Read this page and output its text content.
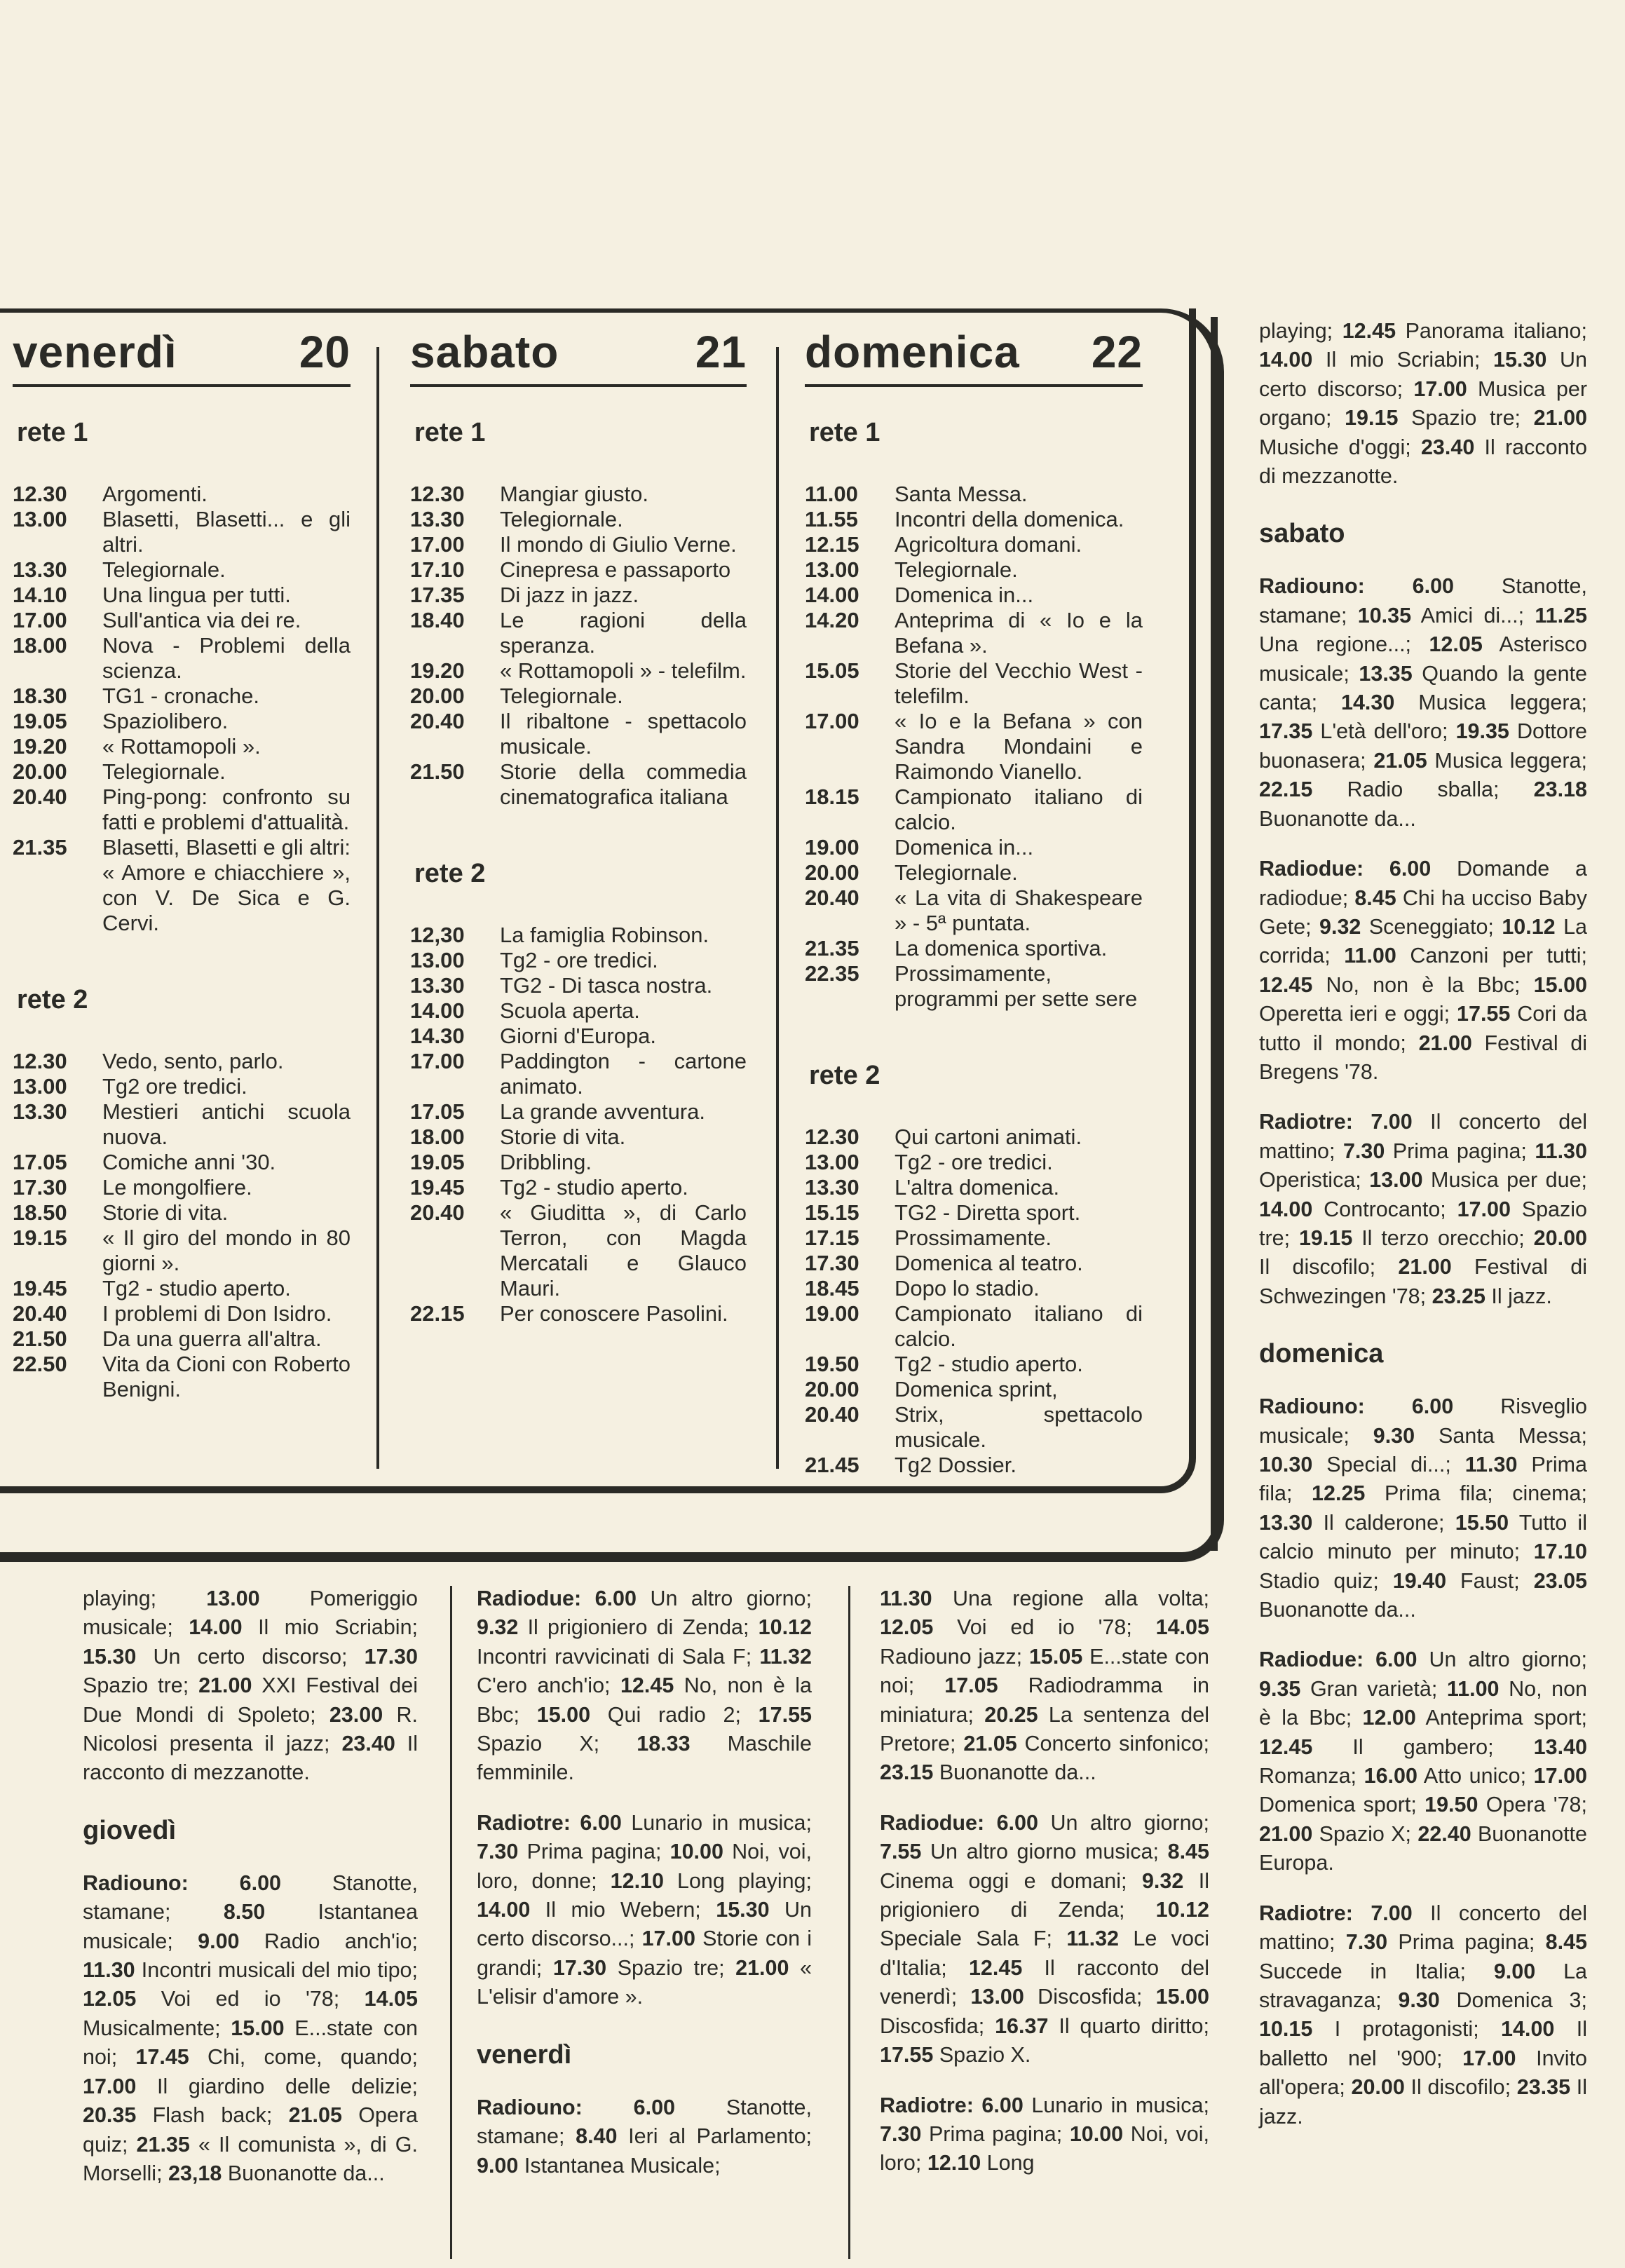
venerdì	20
rete 1
12.30	Argomenti.
13.00	Blasetti, Blasetti... e gli altri.
13.30	Telegiornale.
14.10	Una lingua per tutti.
17.00	Sull'antica via dei re.
18.00	Nova - Problemi della scienza.
18.30	TG1 - cronache.
19.05	Spaziolibero.
19.20	« Rottamopoli ».
20.00	Telegiornale.
20.40	Ping-pong: confronto su fatti e problemi d'attualità.
21.35	Blasetti, Blasetti e gli altri: « Amore e chiacchiere », con V. De Sica e G. Cervi.
rete 2
12.30	Vedo, sento, parlo.
13.00	Tg2 ore tredici.
13.30	Mestieri antichi scuola nuova.
17.05	Comiche anni '30.
17.30	Le mongolfiere.
18.50	Storie di vita.
19.15	« Il giro del mondo in 80 giorni ».
19.45	Tg2 - studio aperto.
20.40	I problemi di Don Isidro.
21.50	Da una guerra all'altra.
22.50	Vita da Cioni con Roberto Benigni.
sabato	21
rete 1
12.30	Mangiar giusto.
13.30	Telegiornale.
17.00	Il mondo di Giulio Verne.
17.10	Cinepresa e passaporto
17.35	Di jazz in jazz.
18.40	Le ragioni della speranza.
19.20	« Rottamopoli » - telefilm.
20.00	Telegiornale.
20.40	Il ribaltone - spettacolo musicale.
21.50	Storie della commedia cinematografica italiana
rete 2
12,30	La famiglia Robinson.
13.00	Tg2 - ore tredici.
13.30	TG2 - Di tasca nostra.
14.00	Scuola aperta.
14.30	Giorni d'Europa.
17.00	Paddington - cartone animato.
17.05	La grande avventura.
18.00	Storie di vita.
19.05	Dribbling.
19.45	Tg2 - studio aperto.
20.40	« Giuditta », di Carlo Terron, con Magda Mercatali e Glauco Mauri.
22.15	Per conoscere Pasolini.
domenica 22
rete 1
11.00	Santa Messa.
11.55	Incontri della domenica.
12.15	Agricoltura domani.
13.00	Telegiornale.
14.00	Domenica in...
14.20	Anteprima di « Io e la Befana ».
15.05	Storie del Vecchio West - telefilm.
17.00	« Io e la Befana » con Sandra Mondaini e Raimondo Vianello.
18.15	Campionato italiano di calcio.
19.00	Domenica in...
20.00	Telegiornale.
20.40	« La vita di Shakespeare » - 5ª puntata.
21.35	La domenica sportiva.
22.35	Prossimamente, programmi per sette sere
rete 2
12.30	Qui cartoni animati.
13.00	Tg2 - ore tredici.
13.30	L'altra domenica.
15.15	TG2 - Diretta sport.
17.15	Prossimamente.
17.30	Domenica al teatro.
18.45	Dopo lo stadio.
19.00	Campionato italiano di calcio.
19.50	Tg2 - studio aperto.
20.00	Domenica sprint,
20.40	Strix, spettacolo musicale.
21.45	Tg2 Dossier.

playing; 12.45 Panorama italiano; 14.00 Il mio Scriabin; 15.30 Un certo discorso; 17.00 Musica per organo; 19.15 Spazio tre; 21.00 Musiche d'oggi; 23.40 Il racconto di mezzanotte.

sabato

Radiouno: 6.00 Stanotte, stamane; 10.35 Amici di...; 11.25 Una regione...; 12.05 Asterisco musicale; 13.35 Quando la gente canta; 14.30 Musica leggera; 17.35 L'età dell'oro; 19.35 Dottore buonasera; 21.05 Musica leggera; 22.15 Radio sballa; 23.18 Buonanotte da...

Radiodue: 6.00 Domande a radiodue; 8.45 Chi ha ucciso Baby Gete; 9.32 Sceneggiato; 10.12 La corrida; 11.00 Canzoni per tutti; 12.45 No, non è la Bbc; 15.00 Operetta ieri e oggi; 17.55 Cori da tutto il mondo; 21.00 Festival di Bregens '78.

Radiotre: 7.00 Il concerto del mattino; 7.30 Prima pagina; 11.30 Operistica; 13.00 Musica per due; 14.00 Controcanto; 17.00 Spazio tre; 19.15 Il terzo orecchio; 20.00 Il discofilo; 21.00 Festival di Schwezingen '78; 23.25 Il jazz.

domenica

Radiouno: 6.00 Risveglio musicale; 9.30 Santa Messa; 10.30 Special di...; 11.30 Prima fila; 12.25 Prima fila; cinema; 13.30 Il calderone; 15.50 Tutto il calcio minuto per minuto; 17.10 Stadio quiz; 19.40 Faust; 23.05 Buonanotte da...

Radiodue: 6.00 Un altro giorno; 9.35 Gran varietà; 11.00 No, non è la Bbc; 12.00 Anteprima sport; 12.45 Il gambero; 13.40 Romanza; 16.00 Atto unico; 17.00 Domenica sport; 19.50 Opera '78; 21.00 Spazio X; 22.40 Buonanotte Europa.

Radiotre: 7.00 Il concerto del mattino; 7.30 Prima pagina; 8.45 Succede in Italia; 9.00 La stravaganza; 9.30 Domenica 3; 10.15 I protagonisti; 14.00 Il balletto nel '900; 17.00 Invito all'opera; 20.00 Il discofilo; 23.35 Il jazz.

playing; 13.00 Pomeriggio musicale; 14.00 Il mio Scriabin; 15.30 Un certo discorso; 17.30 Spazio tre; 21.00 XXI Festival dei Due Mondi di Spoleto; 23.00 R. Nicolosi presenta il jazz; 23.40 Il racconto di mezzanotte.

giovedì

Radiouno: 6.00 Stanotte, stamane; 8.50 Istantanea musicale; 9.00 Radio anch'io; 11.30 Incontri musicali del mio tipo; 12.05 Voi ed io '78; 14.05 Musicalmente; 15.00 E...state con noi; 17.45 Chi, come, quando; 17.00 Il giardino delle delizie; 20.35 Flash back; 21.05 Opera quiz; 21.35 « Il comunista », di G. Morselli; 23,18 Buonanotte da...

Radiodue: 6.00 Un altro giorno; 9.32 Il prigioniero di Zenda; 10.12 Incontri ravvicinati di Sala F; 11.32 C'ero anch'io; 12.45 No, non è la Bbc; 15.00 Qui radio 2; 17.55 Spazio X; 18.33 Maschile femminile.

Radiotre: 6.00 Lunario in musica; 7.30 Prima pagina; 10.00 Noi, voi, loro, donne; 12.10 Long playing; 14.00 Il mio Webern; 15.30 Un certo discorso...; 17.00 Storie con i grandi; 17.30 Spazio tre; 21.00 « L'elisir d'amore ».

venerdì

Radiouno: 6.00 Stanotte, stamane; 8.40 Ieri al Parlamento; 9.00 Istantanea Musicale;

11.30 Una regione alla volta; 12.05 Voi ed io '78; 14.05 Radiouno jazz; 15.05 E...state con noi; 17.05 Radiodramma in miniatura; 20.25 La sentenza del Pretore; 21.05 Concerto sinfonico; 23.15 Buonanotte da...

Radiodue: 6.00 Un altro giorno; 7.55 Un altro giorno musica; 8.45 Cinema oggi e domani; 9.32 Il prigioniero di Zenda; 10.12 Speciale Sala F; 11.32 Le voci d'Italia; 12.45 Il racconto del venerdì; 13.00 Discosfida; 15.00 Discosfida; 16.37 Il quarto diritto; 17.55 Spazio X.

Radiotre: 6.00 Lunario in musica; 7.30 Prima pagina; 10.00 Noi, voi, loro; 12.10 Long
